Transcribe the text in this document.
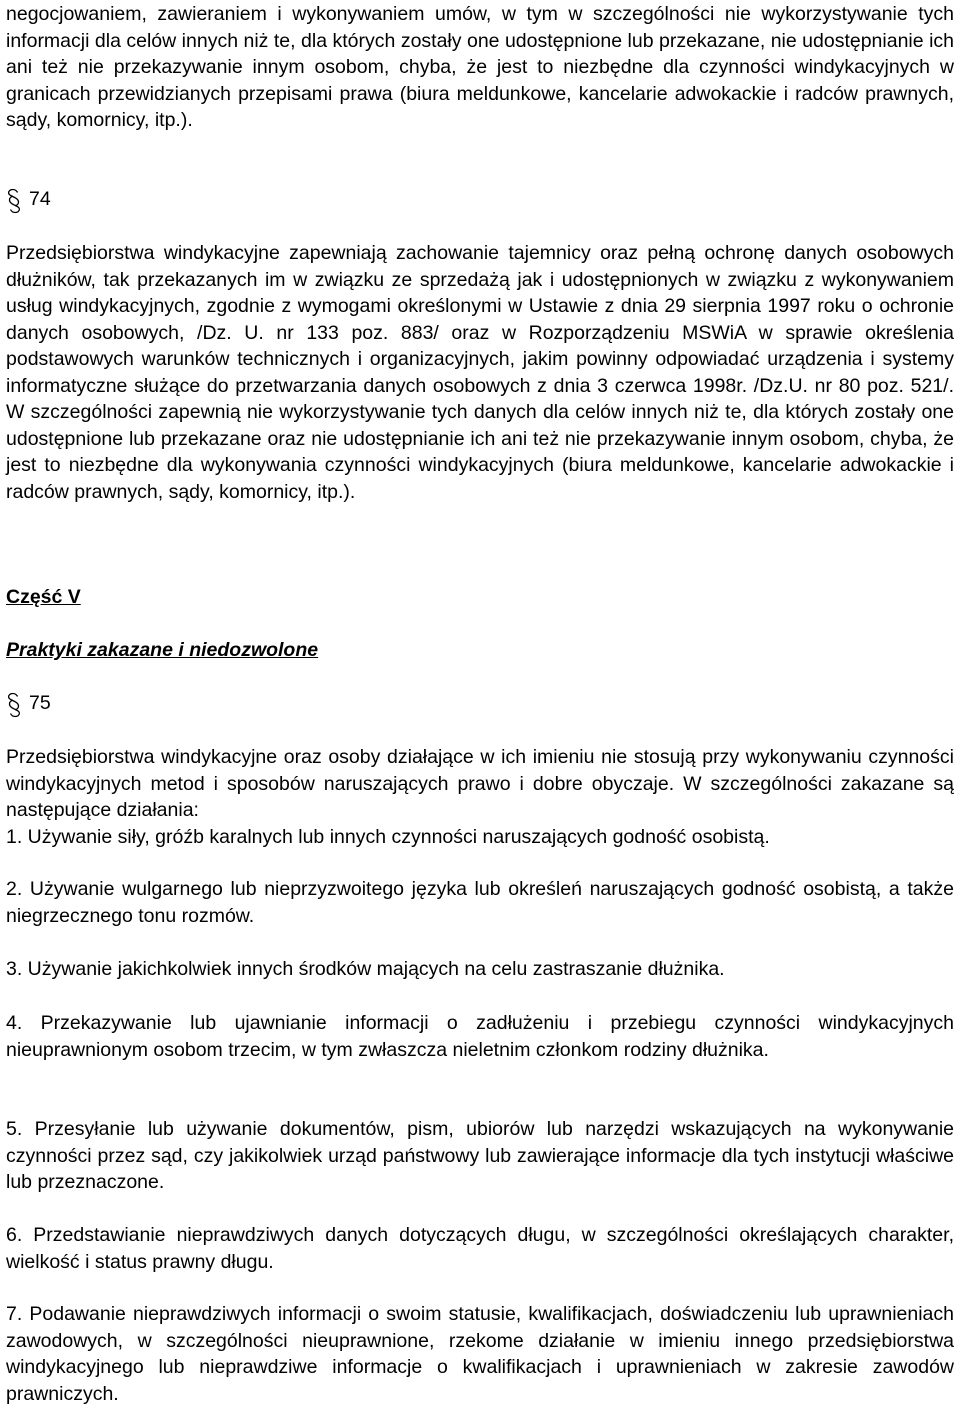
negocjowaniem, zawieraniem i wykonywaniem umów, w tym w szczególności nie wykorzystywanie tych informacji dla celów innych niż te, dla których zostały one udostępnione lub przekazane, nie udostępnianie ich ani też nie przekazywanie innym osobom, chyba, że jest to niezbędne dla czynności windykacyjnych w granicach przewidzianych przepisami prawa (biura meldunkowe, kancelarie adwokackie i radców prawnych, sądy, komornicy, itp.).

74

Przedsiębiorstwa windykacyjne zapewniają zachowanie tajemnicy oraz pełną ochronę danych osobowych dłużników, tak przekazanych im w związku ze sprzedażą jak i udostępnionych w związku z wykonywaniem usług windykacyjnych, zgodnie z wymogami określonymi w Ustawie z dnia 29 sierpnia 1997 roku o ochronie danych osobowych, /Dz. U. nr 133 poz. 883/ oraz w Rozporządzeniu MSWiA w sprawie określenia podstawowych warunków technicznych i organizacyjnych, jakim powinny odpowiadać urządzenia i systemy informatyczne służące do przetwarzania danych osobowych z dnia 3 czerwca 1998r. /Dz.U. nr 80 poz. 521/. W szczególności zapewnią nie wykorzystywanie tych danych dla celów innych niż te, dla których zostały one udostępnione lub przekazane oraz nie udostępnianie ich ani też nie przekazywanie innym osobom, chyba, że jest to niezbędne dla wykonywania czynności windykacyjnych (biura meldunkowe, kancelarie adwokackie i radców prawnych, sądy, komornicy, itp.).

Część V
Praktyki zakazane i niedozwolone
75

Przedsiębiorstwa windykacyjne oraz osoby działające w ich imieniu nie stosują przy wykonywaniu czynności windykacyjnych metod i sposobów naruszających prawo i dobre obyczaje. W szczególności zakazane są następujące działania:

1. Używanie siły, gróźb karalnych lub innych czynności naruszających godność osobistą.

2. Używanie wulgarnego lub nieprzyzwoitego języka lub określeń naruszających godność osobistą, a także niegrzecznego tonu rozmów.

3. Używanie jakichkolwiek innych środków mających na celu zastraszanie dłużnika.

4. Przekazywanie lub ujawnianie informacji o zadłużeniu i przebiegu czynności windykacyjnych nieuprawnionym osobom trzecim, w tym zwłaszcza nieletnim członkom rodziny dłużnika.

5. Przesyłanie lub używanie dokumentów, pism, ubiorów lub narzędzi wskazujących na wykonywanie czynności przez sąd, czy jakikolwiek urząd państwowy lub zawierające informacje dla tych instytucji właściwe lub przeznaczone.

6. Przedstawianie nieprawdziwych danych dotyczących długu, w szczególności określających charakter, wielkość i status prawny długu.

7. Podawanie nieprawdziwych informacji o swoim statusie, kwalifikacjach, doświadczeniu lub uprawnieniach zawodowych, w szczególności nieuprawnione, rzekome działanie w imieniu innego przedsiębiorstwa windykacyjnego lub nieprawdziwe informacje o kwalifikacjach i uprawnieniach w zakresie zawodów prawniczych.
